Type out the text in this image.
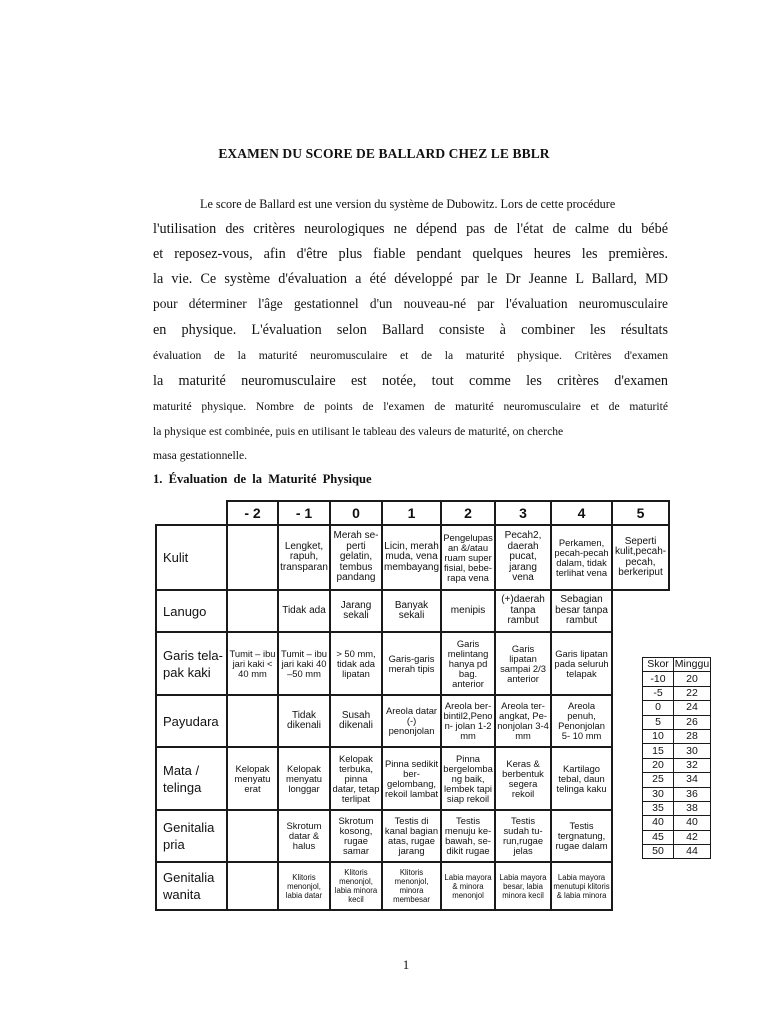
EXAMEN DU SCORE DE BALLARD CHEZ LE BBLR
Le score de Ballard est une version du système de Dubowitz. Lors de cette procédure
l'utilisation des critères neurologiques ne dépend pas de l'état de calme du bébé
et reposez-vous, afin d'être plus fiable pendant quelques heures les premières.
la vie. Ce système d'évaluation a été développé par le Dr Jeanne L Ballard, MD
pour déterminer l'âge gestationnel d'un nouveau-né par l'évaluation neuromusculaire
en physique. L'évaluation selon Ballard consiste à combiner les résultats
évaluation de la maturité neuromusculaire et de la maturité physique. Critères d'examen
la maturité neuromusculaire est notée, tout comme les critères d'examen
maturité physique. Nombre de points de l'examen de maturité neuromusculaire et de maturité
la physique est combinée, puis en utilisant le tableau des valeurs de maturité, on cherche
masa gestationnelle.
1. Évaluation de la Maturité Physique
	- 2	- 1	0	1	2	3	4	5
Kulit		Lengket, rapuh, transparan	Merah se-perti gelatin, tembus pandang	Licin, merah muda, vena membayang	Pengelupas an &/atau ruam super fisial, bebe-rapa vena	Pecah2, daerah pucat, jarang vena	Perkamen, pecah-pecah dalam, tidak terlihat vena	Seperti kulit,pecah-pecah, berkeriput
Lanugo		Tidak ada	Jarang sekali	Banyak sekali	menipis	(+)daerah tanpa rambut	Sebagian besar tanpa rambut	
Garis tela-pak kaki	Tumit – ibu jari kaki < 40 mm	Tumit – ibu jari kaki 40 –50 mm	> 50 mm, tidak ada lipatan	Garis-garis merah tipis	Garis melintang hanya pd bag. anterior	Garis lipatan sampai 2/3 anterior	Garis lipatan pada seluruh telapak	
Payudara		Tidak dikenali	Susah dikenali	Areola datar (-) penonjolan	Areola ber-bintil2,Peno n- jolan 1-2 mm	Areola ter-angkat, Pe-nonjolan 3-4 mm	Areola penuh, Penonjolan 5- 10 mm	
Mata / telinga	Kelopak menyatu erat	Kelopak menyatu longgar	Kelopak terbuka, pinna datar, tetap terlipat	Pinna sedikit ber-gelombang, rekoil lambat	Pinna bergelomba ng baik, lembek tapi siap rekoil	Keras & berbentuk segera rekoil	Kartilago tebal, daun telinga kaku	
Genitalia pria		Skrotum datar & halus	Skrotum kosong, rugae samar	Testis di kanal bagian atas, rugae jarang	Testis menuju ke-bawah, se-dikit rugae	Testis sudah tu-run,rugae jelas	Testis tergnatung, rugae dalam	
Genitalia wanita		Klitoris menonjol, labia datar	Klitoris menonjol, labia minora kecil	Klitoris menonjol, minora membesar	Labia mayora & minora menonjol	Labia mayora besar, labia minora kecil	Labia mayora menutupi klitoris & labia minora	
Skor	Minggu
-10	20
-5	22
0	24
5	26
10	28
15	30
20	32
25	34
30	36
35	38
40	40
45	42
50	44
1
